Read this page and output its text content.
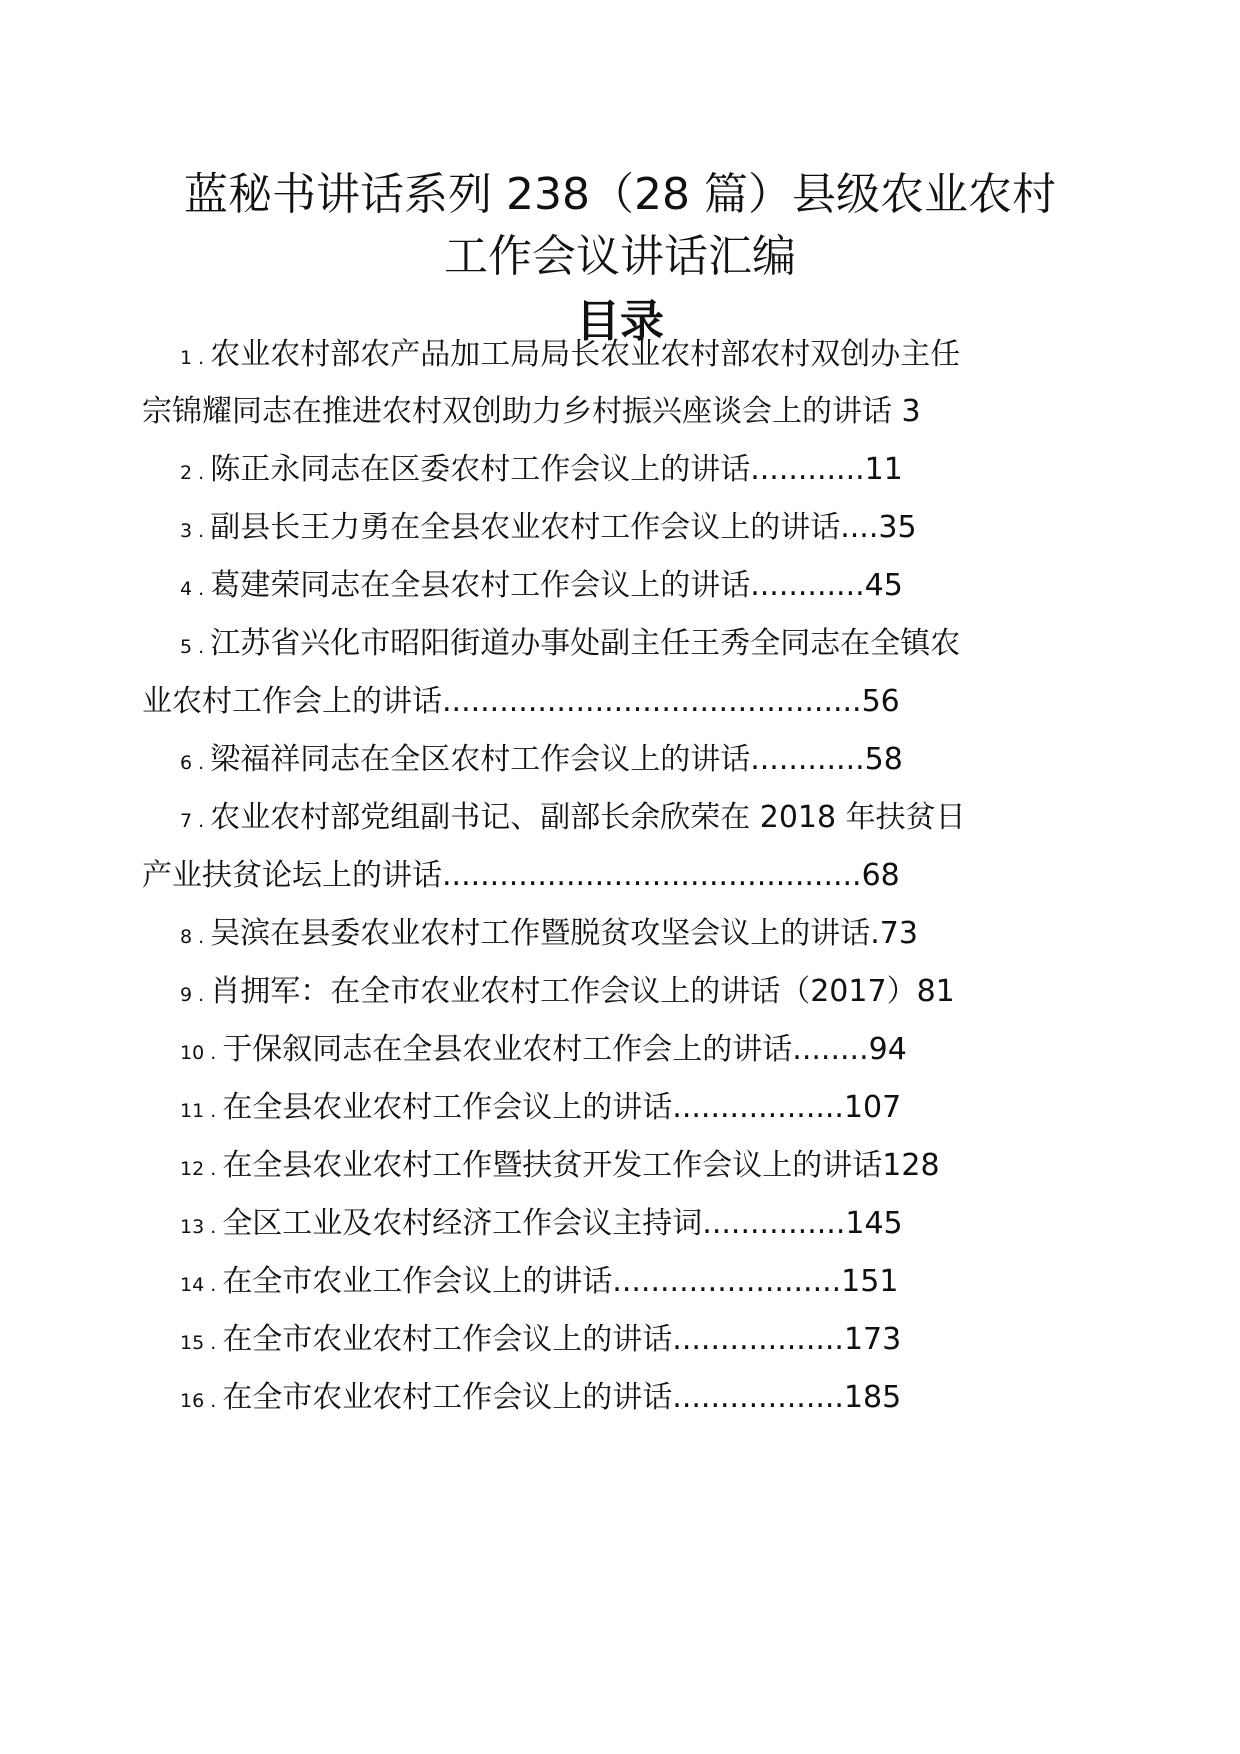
蓝秘书讲话系列 238（28 篇）县级农业农村
工作会议讲话汇编
目录
1 . 农业农村部农产品加工局局长农业农村部农村双创办主任
宗锦耀同志在推进农村双创助力乡村振兴座谈会上的讲话 3
2 . 陈正永同志在区委农村工作会议上的讲话............11
3 . 副县长王力勇在全县农业农村工作会议上的讲话....35
4 . 葛建荣同志在全县农村工作会议上的讲话............45
5 . 江苏省兴化市昭阳街道办事处副主任王秀全同志在全镇农
业农村工作会上的讲话............................................56
6 . 梁福祥同志在全区农村工作会议上的讲话............58
7 . 农业农村部党组副书记、副部长余欣荣在 2018 年扶贫日
产业扶贫论坛上的讲话............................................68
8 . 吴滨在县委农业农村工作暨脱贫攻坚会议上的讲话.73
9 . 肖拥军：在全市农业农村工作会议上的讲话（2017）81
10 . 于保叙同志在全县农业农村工作会上的讲话........94
11 . 在全县农业农村工作会议上的讲话..................107
12 . 在全县农业农村工作暨扶贫开发工作会议上的讲话128
13 . 全区工业及农村经济工作会议主持词...............145
14 . 在全市农业工作会议上的讲话........................151
15 . 在全市农业农村工作会议上的讲话..................173
16 . 在全市农业农村工作会议上的讲话..................185
